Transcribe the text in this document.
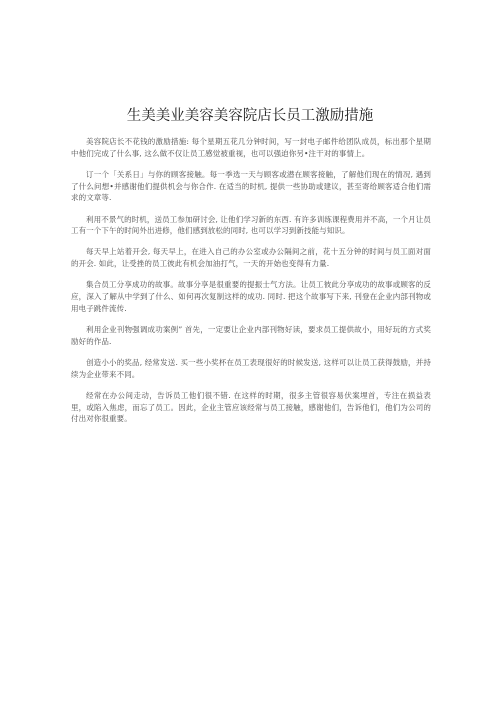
生美美业美容美容院店长员工激励措施

美容院店长不花钱的激励措施: 每个星期五花几分钟时间，写一封电子邮件给团队成员，标出那个星期中他们完成了什么事, 这么做不仅让员工感觉被重视，也可以强迫你另•注干对的事情上。

订一个「关系日」与你的顾客接触。每一季选一天与顾客或潜在顾客接触，了解他们现在的情况, 遇到了什么问想•并感谢他们提供机会与你合作. 在适当的时机, 提供一些协助或建议，甚至寄给顾客适合他们需求的文章等.

利用不景气的时机，送员工参加研讨会, 让他们学习新的东西. 有许多训练课程费用并不高，一个月让员工有一个下午的时间外出进修，他们感到放松的同时, 也可以学习到新技能与知识。

每天早上站着开会, 每天早上，在进入自己的办公室或办公隔间之前，花十五分钟的时间与员工面对面的开会. 如此，让受挫的员工彼此有机会加油打气，一天的开始也变得有力量.

集合员工分享成功的故事。故事分享是很重要的提振士气方法。让员工彼此分享成功的故事或顾客的反应，深入了解从中学到了什么、如何再次复制这样的成功. 同时. 把这个故事写下来, 刊登在企业内部刊物或用电子跳件流传.

利用企业刊物强调成功案例” 首先，一定要让企业内部刊物好读，要求员工提供故小，用好玩的方式奖励好的作品.

创造小小的奖品, 经常发送. 买一些小奖杯在员工表现很好的时候发送, 这样可以让员工获得鼓励，并持续为企业带来不同。

经常在办公间走动，告诉员工他们很不错. 在这样的时期，很多主管很容易伏案埋首，专注在损益表里，或陷入焦虑，而忘了员工。因此，企业主管应该经常与员工接触，感谢他们，告诉他们，他们为公司的付出对你很重要。
